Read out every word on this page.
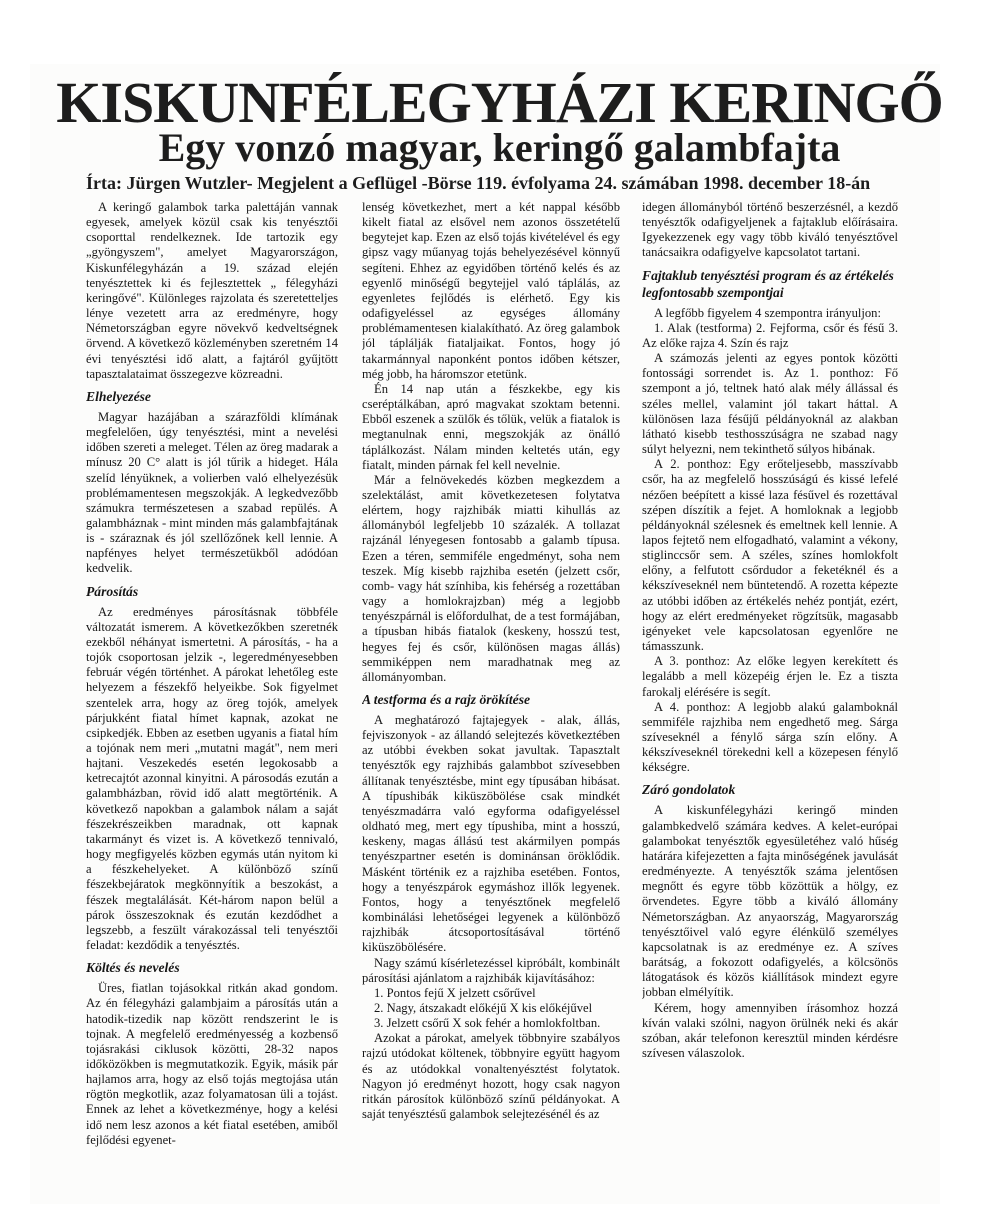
KISKUNFÉLEGYHÁZI KERINGŐ
Egy vonzó magyar, keringő galambfajta
Írta: Jürgen Wutzler- Megjelent a Geflügel -Börse 119. évfolyama 24. számában 1998. december 18-án

A keringő galambok tarka palettáján vannak egyesek, amelyek közül csak kis tenyésztői csoporttal rendelkeznek. Ide tartozik egy „gyöngyszem", amelyet Magyarországon, Kiskunfélegyházán a 19. század elején tenyésztettek ki és fejlesztettek „ félegyházi keringővé". Különleges rajzolata és szeretetteljes lénye vezetett arra az eredményre, hogy Németországban egyre növekvő kedveltségnek örvend. A következő közleményben szeretném 14 évi tenyésztési idő alatt, a fajtáról gyűjtött tapasztalataimat összegezve közreadni.

Elhelyezése

Magyar hazájában a szárazföldi klímának megfelelően, úgy tenyésztési, mint a nevelési időben szereti a meleget. Télen az öreg madarak a mínusz 20 C° alatt is jól tűrik a hideget. Hála szelíd lényüknek, a volierben való elhelyezésük problémamentesen megszokják. A legkedvezőbb számukra természetesen a szabad repülés. A galambháznak - mint minden más galambfajtának is - száraznak és jól szellőzőnek kell lennie. A napfényes helyet természetükből adódóan kedvelik.

Párosítás

Az eredményes párosításnak többféle változatát ismerem. A következőkben szeretnék ezekből néhányat ismertetni. A párosítás, - ha a tojók csoportosan jelzik -, legeredményesebben február végén történhet. A párokat lehetőleg este helyezem a fészekfő helyeikbe. Sok figyelmet szentelek arra, hogy az öreg tojók, amelyek párjukként fiatal hímet kapnak, azokat ne csipkedjék. Ebben az esetben ugyanis a fiatal hím a tojónak nem meri „mutatni magát", nem meri hajtani. Veszekedés esetén legokosabb a ketrecajtót azonnal kinyitni. A párosodás ezután a galambházban, rövid idő alatt megtörténik. A következő napokban a galambok nálam a saját fészekrészeikben maradnak, ott kapnak takarmányt és vizet is. A következő tennivaló, hogy megfigyelés közben egymás után nyitom ki a fészkehelyeket. A különböző színű fészekbejáratok megkönnyítik a beszokást, a fészek megtalálását. Két-három napon belül a párok összeszoknak és ezután kezdődhet a legszebb, a feszült várakozással teli tenyésztői feladat: kezdődik a tenyésztés.

Költés és nevelés

Üres, fiatlan tojásokkal ritkán akad gondom. Az én félegyházi galambjaim a párosítás után a hatodik-tizedik nap között rendszerint le is tojnak. A megfelelő eredményesség a kozbenső tojásrakási ciklusok közötti, 28-32 napos időközökben is megmutatkozik. Egyik, másik pár hajlamos arra, hogy az első tojás megtojása után rögtön megkotlik, azaz folyamatosan üli a tojást. Ennek az lehet a következménye, hogy a kelési idő nem lesz azonos a két fiatal esetében, amiből fejlődési egyenet-

lenség következhet, mert a két nappal később kikelt fiatal az elsővel nem azonos összetételű begytejet kap. Ezen az első tojás kivételével és egy gipsz vagy műanyag tojás behelyezésével könnyű segíteni. Ehhez az egyidőben történő kelés és az egyenlő minőségű begytejjel való táplálás, az egyenletes fejlődés is elérhető. Egy kis odafigyeléssel az egységes állomány problémamentesen kialakítható. Az öreg galambok jól táplálják fiataljaikat. Fontos, hogy jó takarmánnyal naponként pontos időben kétszer, még jobb, ha háromszor etetünk.

Én 14 nap után a fészkekbe, egy kis cseréptálkában, apró magvakat szoktam betenni. Ebből eszenek a szülők és tőlük, velük a fiatalok is megtanulnak enni, megszokják az önálló táplálkozást. Nálam minden keltetés után, egy fiatalt, minden párnak fel kell nevelnie.

Már a felnövekedés közben megkezdem a szelektálást, amit következetesen folytatva elértem, hogy rajzhibák miatti kihullás az állományból legfeljebb 10 százalék. A tollazat rajzánál lényegesen fontosabb a galamb típusa. Ezen a téren, semmiféle engedményt, soha nem teszek. Míg kisebb rajzhiba esetén (jelzett csőr, comb- vagy hát színhiba, kis fehérség a rozettában vagy a homlokrajzban) még a legjobb tenyészpárnál is előfordulhat, de a test formájában, a típusban hibás fiatalok (keskeny, hosszú test, hegyes fej és csőr, különösen magas állás) semmiképpen nem maradhatnak meg az állományomban.

A testforma és a rajz örökítése

A meghatározó fajtajegyek - alak, állás, fejviszonyok - az állandó selejtezés következtében az utóbbi években sokat javultak. Tapasztalt tenyésztők egy rajzhibás galambbot szívesebben állítanak tenyésztésbe, mint egy típusában hibásat. A típushibák kiküszöbölése csak mindkét tenyészmadárra való egyforma odafigyeléssel oldható meg, mert egy típushiba, mint a hosszú, keskeny, magas állású test akármilyen pompás tenyészpartner esetén is dominánsan öröklődik. Másként történik ez a rajzhiba esetében. Fontos, hogy a tenyészpárok egymáshoz illők legyenek. Fontos, hogy a tenyésztőnek megfelelő kombinálási lehetőségei legyenek a különböző rajzhibák átcsoportosításával történő kiküszöbölésére.

Nagy számú kísérletezéssel kipróbált, kombinált párosítási ajánlatom a rajzhibák kijavításához:

1. Pontos fejű X jelzett csőrűvel
2. Nagy, átszakadt előkéjű X kis előkéjűvel
3. Jelzett csőrű X sok fehér a homlokfoltban.

Azokat a párokat, amelyek többnyire szabályos rajzú utódokat költenek, többnyire együtt hagyom és az utódokkal vonaltenyésztést folytatok. Nagyon jó eredményt hozott, hogy csak nagyon ritkán párosítok különböző színű példányokat. A saját tenyésztésű galambok selejtezésénél és az

idegen állományból történő beszerzésnél, a kezdő tenyésztők odafigyeljenek a fajtaklub előírásaira. Igyekezzenek egy vagy több kiváló tenyésztővel tanácsaikra odafigyelve kapcsolatot tartani.

Fajtaklub tenyésztési program és az értékelés legfontosabb szempontjai

A legfőbb figyelem 4 szempontra irányuljon:

1. Alak (testforma) 2. Fejforma, csőr és fésű 3. Az előke rajza 4. Szín és rajz

A számozás jelenti az egyes pontok közötti fontossági sorrendet is. Az 1. ponthoz: Fő szempont a jó, teltnek ható alak mély állással és széles mellel, valamint jól takart háttal. A különösen laza fésűjű példányoknál az alakban látható kisebb testhosszúságra ne szabad nagy súlyt helyezni, nem tekinthető súlyos hibának.

A 2. ponthoz: Egy erőteljesebb, masszívabb csőr, ha az megfelelő hosszúságú és kissé lefelé nézően beépített a kissé laza fésűvel és rozettával szépen díszítik a fejet. A homloknak a legjobb példányoknál szélesnek és emeltnek kell lennie. A lapos fejtető nem elfogadható, valamint a vékony, stiglinccsőr sem. A széles, színes homlokfolt előny, a felfutott csőrdudor a feketéknél és a kékszíveseknél nem büntetendő. A rozetta képezte az utóbbi időben az értékelés nehéz pontját, ezért, hogy az elért eredményeket rögzítsük, magasabb igényeket vele kapcsolatosan egyenlőre ne támasszunk.

A 3. ponthoz: Az előke legyen kerekített és legalább a mell közepéig érjen le. Ez a tiszta farokalj elérésére is segít.

A 4. ponthoz: A legjobb alakú galamboknál semmiféle rajzhiba nem engedhető meg. Sárga szíveseknél a fénylő sárga szín előny. A kékszíveseknél törekedni kell a közepesen fénylő kékségre.

Záró gondolatok

A kiskunfélegyházi keringő minden galambkedvelő számára kedves. A kelet-európai galambokat tenyésztők egyesületéhez való hűség határára kifejezetten a fajta minőségének javulását eredményezte. A tenyésztők száma jelentősen megnőtt és egyre több közöttük a hölgy, ez örvendetes. Egyre több a kiváló állomány Németországban. Az anyaország, Magyarország tenyésztőivel való egyre élénkülő személyes kapcsolatnak is az eredménye ez. A szíves barátság, a fokozott odafigyelés, a kölcsönös látogatások és közös kiállítások mindezt egyre jobban elmélyítik.

Kérem, hogy amennyiben írásomhoz hozzá kíván valaki szólni, nagyon örülnék neki és akár szóban, akár telefonon keresztül minden kérdésre szívesen válaszolok.
